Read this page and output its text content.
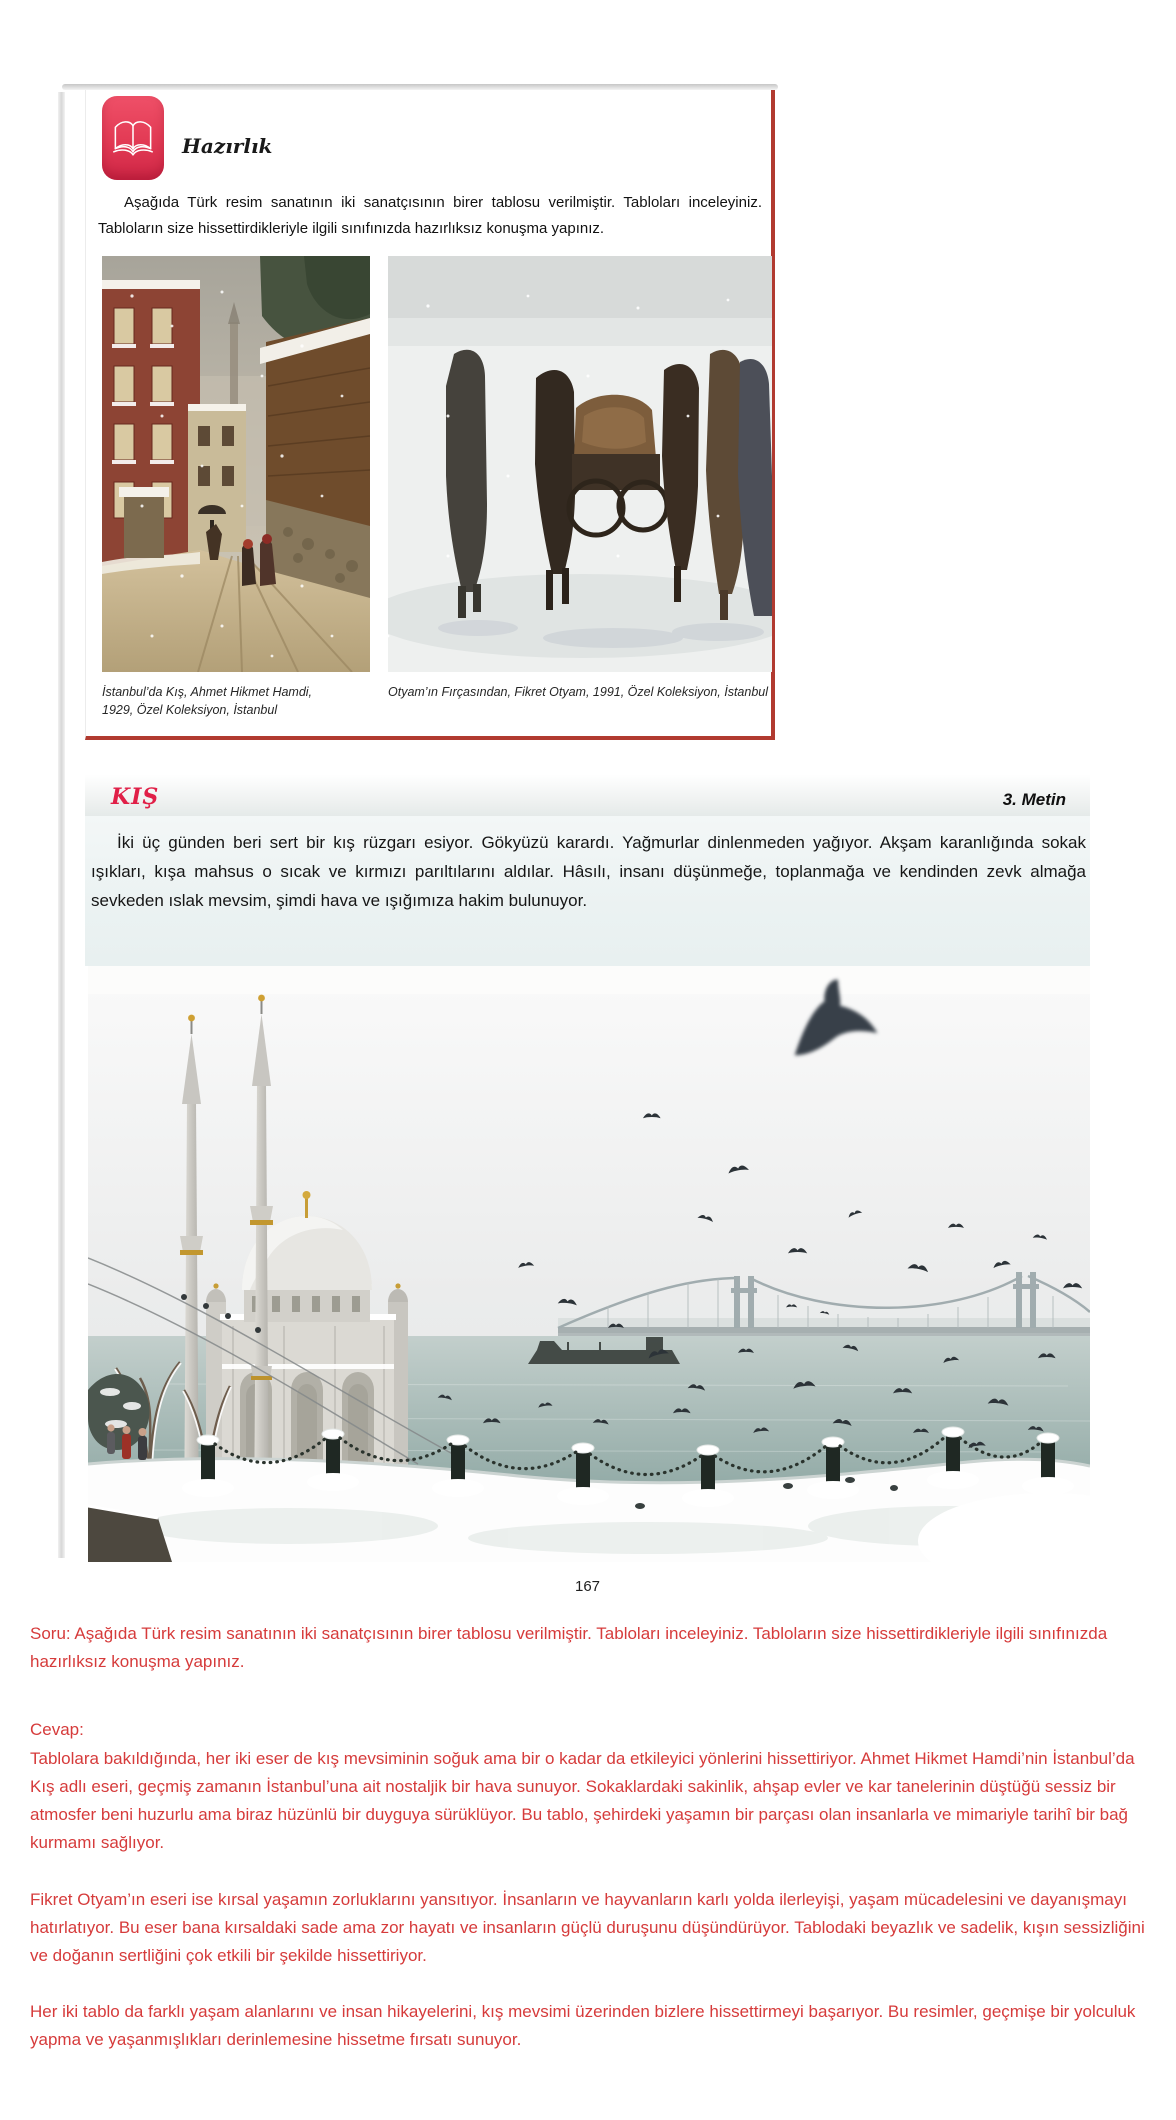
Hazırlık

Aşağıda Türk resim sanatının iki sanatçısının birer tablosu verilmiştir. Tabloları inceleyiniz. Tabloların size hissettirdikleriyle ilgili sınıfınızda hazırlıksız konuşma yapınız.

İstanbul’da Kış, Ahmet Hikmet Hamdi, 1929, Özel Koleksiyon, İstanbul
Otyam’ın Fırçasından, Fikret Otyam, 1991, Özel Koleksiyon, İstanbul
KIŞ	3. Metin

İki üç günden beri sert bir kış rüzgarı esiyor. Gökyüzü karardı. Yağmurlar dinlenmeden yağıyor. Akşam karanlığında sokak ışıkları, kışa mahsus o sıcak ve kırmızı parıltılarını aldılar. Hâsılı, insanı düşünmeğe, toplanmağa ve kendinden zevk almağa sevkeden ıslak mevsim, şimdi hava ve ışığımıza hakim bulunuyor.

167

Soru: Aşağıda Türk resim sanatının iki sanatçısının birer tablosu verilmiştir. Tabloları inceleyiniz. Tabloların size hissettirdikleriyle ilgili sınıfınızda hazırlıksız konuşma yapınız.

Cevap:

Tablolara bakıldığında, her iki eser de kış mevsiminin soğuk ama bir o kadar da etkileyici yönlerini hissettiriyor. Ahmet Hikmet Hamdi’nin İstanbul’da Kış adlı eseri, geçmiş zamanın İstanbul’una ait nostaljik bir hava sunuyor. Sokaklardaki sakinlik, ahşap evler ve kar tanelerinin düştüğü sessiz bir atmosfer beni huzurlu ama biraz hüzünlü bir duyguya sürüklüyor. Bu tablo, şehirdeki yaşamın bir parçası olan insanlarla ve mimariyle tarihî bir bağ kurmamı sağlıyor.

Fikret Otyam’ın eseri ise kırsal yaşamın zorluklarını yansıtıyor. İnsanların ve hayvanların karlı yolda ilerleyişi, yaşam mücadelesini ve dayanışmayı hatırlatıyor. Bu eser bana kırsaldaki sade ama zor hayatı ve insanların güçlü duruşunu düşündürüyor. Tablodaki beyazlık ve sadelik, kışın sessizliğini ve doğanın sertliğini çok etkili bir şekilde hissettiriyor.

Her iki tablo da farklı yaşam alanlarını ve insan hikayelerini, kış mevsimi üzerinden bizlere hissettirmeyi başarıyor. Bu resimler, geçmişe bir yolculuk yapma ve yaşanmışlıkları derinlemesine hissetme fırsatı sunuyor.
